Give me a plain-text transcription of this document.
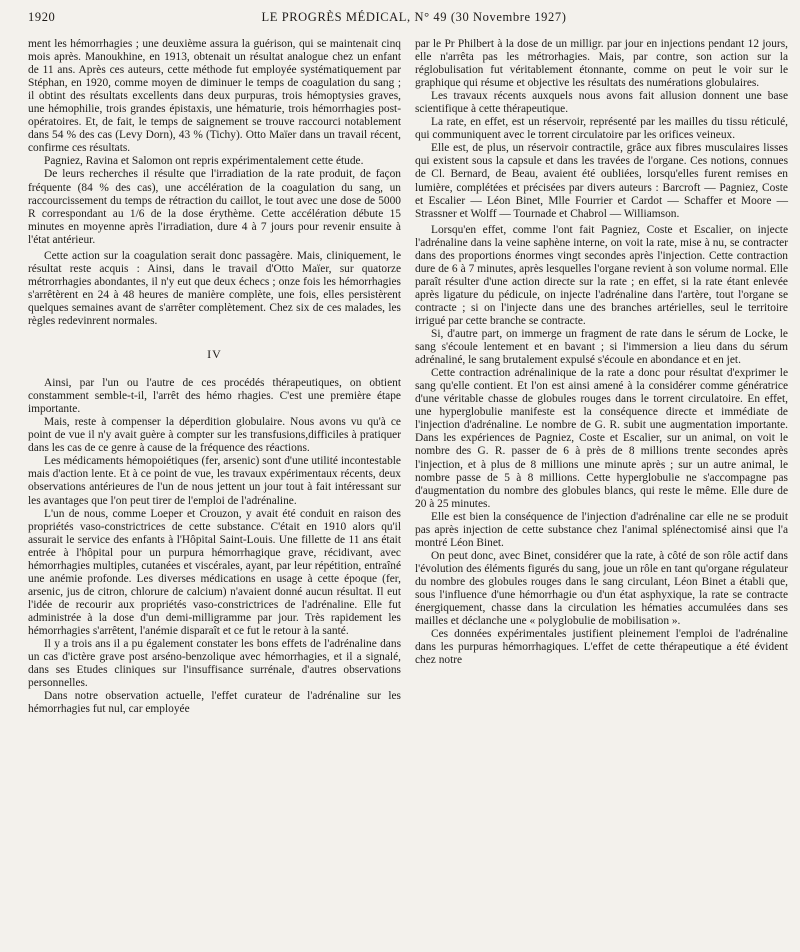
1920	LE PROGRÈS MÉDICAL, N° 49 (30 Novembre 1927)

ment les hémorrhagies ; une deuxième assura la guérison, qui se maintenait cinq mois après. Manoukhine, en 1913, obtenait un résultat analogue chez un enfant de 11 ans. Après ces auteurs, cette méthode fut employée systématiquement par Stéphan, en 1920, comme moyen de diminuer le temps de coagulation du sang ; il obtint des résultats excellents dans deux purpuras, trois hémoptysies graves, une hémophilie, trois grandes épistaxis, une hématurie, trois hémorrhagies post-opératoires. Et, de fait, le temps de saignement se trouve raccourci notablement dans 54 % des cas (Levy Dorn), 43 % (Tichy). Otto Maïer dans un travail récent, confirme ces résultats.

Pagniez, Ravina et Salomon ont repris expérimentalement cette étude.

De leurs recherches il résulte que l'irradiation de la rate produit, de façon fréquente (84 % des cas), une accélération de la coagulation du sang, un raccourcissement du temps de rétraction du caillot, le tout avec une dose de 5000 R correspondant au 1/6 de la dose érythème. Cette accélération débute 15 minutes en moyenne après l'irradiation, dure 4 à 7 jours pour revenir ensuite à l'état antérieur.

Cette action sur la coagulation serait donc passagère. Mais, cliniquement, le résultat reste acquis : Ainsi, dans le travail d'Otto Maïer, sur quatorze métrorrhagies abondantes, il n'y eut que deux échecs ; onze fois les hémorrhagies s'arrêtèrent en 24 à 48 heures de manière complète, une fois, elles persistèrent quelques semaines avant de s'arrêter complètement. Chez six de ces malades, les règles redevinrent normales.

IV

Ainsi, par l'un ou l'autre de ces procédés thérapeutiques, on obtient constamment semble-t-il, l'arrêt des hémo rhagies. C'est une première étape importante.

Mais, reste à compenser la déperdition globulaire. Nous avons vu qu'à ce point de vue il n'y avait guère à compter sur les transfusions,difficiles à pratiquer dans les cas de ce genre à cause de la fréquence des réactions.

Les médicaments hémopoiétiques (fer, arsenic) sont d'une utilité incontestable mais d'action lente. Et à ce point de vue, les travaux expérimentaux récents, deux observations antérieures de l'un de nous jettent un jour tout à fait intéressant sur les avantages que l'on peut tirer de l'emploi de l'adrénaline.

L'un de nous, comme Loeper et Crouzon, y avait été conduit en raison des propriétés vaso-constrictrices de cette substance. C'était en 1910 alors qu'il assurait le service des enfants à l'Hôpital Saint-Louis. Une fillette de 11 ans était entrée à l'hôpital pour un purpura hémorrhagique grave, récidivant, avec hémorrhagies multiples, cutanées et viscérales, ayant, par leur répétition, entraîné une anémie profonde. Les diverses médications en usage à cette époque (fer, arsenic, jus de citron, chlorure de calcium) n'avaient donné aucun résultat. Il eut l'idée de recourir aux propriétés vaso-constrictrices de l'adrénaline. Elle fut administrée à la dose d'un demi-milligramme par jour. Très rapidement les hémorrhagies s'arrêtent, l'anémie disparaît et ce fut le retour à la santé.

Il y a trois ans il a pu également constater les bons effets de l'adrénaline dans un cas d'ictère grave post arséno-benzolique avec hémorrhagies, et il a signalé, dans ses Etudes cliniques sur l'insuffisance surrénale, d'autres observations personnelles.

Dans notre observation actuelle, l'effet curateur de l'adrénaline sur les hémorrhagies fut nul, car employée

par le Pr Philbert à la dose de un milligr. par jour en injections pendant 12 jours, elle n'arrêta pas les métrorhagies. Mais, par contre, son action sur la réglobulisation fut véritablement étonnante, comme on peut le voir sur le graphique qui résume et objective les résultats des numérations globulaires.

Les travaux récents auxquels nous avons fait allusion donnent une base scientifique à cette thérapeutique.

La rate, en effet, est un réservoir, représenté par les mailles du tissu réticulé, qui communiquent avec le torrent circulatoire par les orifices veineux.

Elle est, de plus, un réservoir contractile, grâce aux fibres musculaires lisses qui existent sous la capsule et dans les travées de l'organe. Ces notions, connues de Cl. Bernard, de Beau, avaient été oubliées, lorsqu'elles furent remises en lumière, complétées et précisées par divers auteurs : Barcroft — Pagniez, Coste et Escalier — Léon Binet, Mlle Fourrier et Cardot — Schaffer et Moore — Strassner et Wolff — Tournade et Chabrol — Williamson.

Lorsqu'en effet, comme l'ont fait Pagniez, Coste et Escalier, on injecte l'adrénaline dans la veine saphène interne, on voit la rate, mise à nu, se contracter dans des proportions énormes vingt secondes après l'injection. Cette contraction dure de 6 à 7 minutes, après lesquelles l'organe revient à son volume normal. Elle paraît résulter d'une action directe sur la rate ; en effet, si la rate étant enlevée après ligature du pédicule, on injecte l'adrénaline dans l'artère, tout l'organe se contracte ; si on l'injecte dans une des branches artérielles, seul le territoire irrigué par cette branche se contracte.

Si, d'autre part, on immerge un fragment de rate dans le sérum de Locke, le sang s'écoule lentement et en bavant ; si l'immersion a lieu dans du sérum adrénaliné, le sang brutalement expulsé s'écoule en abondance et en jet.

Cette contraction adrénalinique de la rate a donc pour résultat d'exprimer le sang qu'elle contient. Et l'on est ainsi amené à la considérer comme génératrice d'une véritable chasse de globules rouges dans le torrent circulatoire. En effet, une hyperglobulie manifeste est la conséquence directe et immédiate de l'injection d'adrénaline. Le nombre de G. R. subit une augmentation importante. Dans les expériences de Pagniez, Coste et Escalier, sur un animal, on voit le nombre des G. R. passer de 6 à près de 8 millions trente secondes après l'injection, et à plus de 8 millions une minute après ; sur un autre animal, le nombre passe de 5 à 8 millions. Cette hyperglobulie ne s'accompagne pas d'augmentation du nombre des globules blancs, qui reste le même. Elle dure de 20 à 25 minutes.

Elle est bien la conséquence de l'injection d'adrénaline car elle ne se produit pas après injection de cette substance chez l'animal splénectomisé ainsi que l'a montré Léon Binet.

On peut donc, avec Binet, considérer que la rate, à côté de son rôle actif dans l'évolution des éléments figurés du sang, joue un rôle en tant qu'organe régulateur du nombre des globules rouges dans le sang circulant, Léon Binet a établi que, sous l'influence d'une hémorrhagie ou d'un état asphyxique, la rate se contracte énergiquement, chasse dans la circulation les hématies accumulées dans ses mailles et déclanche une « polyglobulie de mobilisation ».

Ces données expérimentales justifient pleinement l'emploi de l'adrénaline dans les purpuras hémorrhagiques. L'effet de cette thérapeutique a été évident chez notre
